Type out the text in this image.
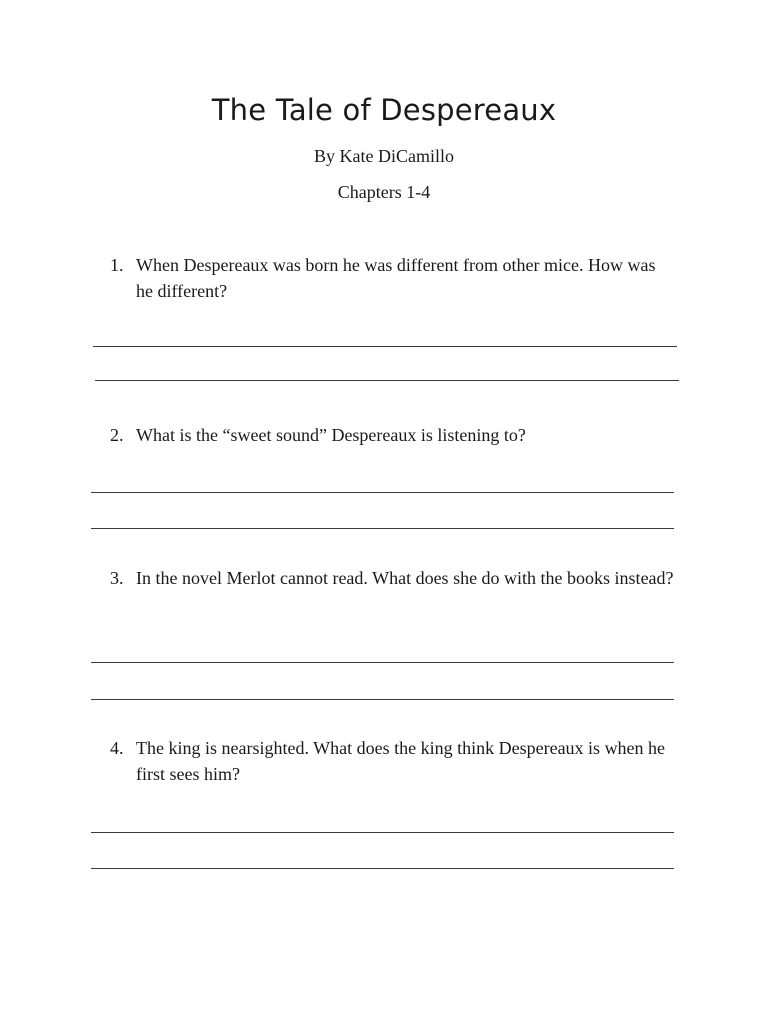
The Tale of Despereaux
By Kate DiCamillo
Chapters 1-4
1. When Despereaux was born he was different from other mice. How was he different?
2. What is the “sweet sound” Despereaux is listening to?
3. In the novel Merlot cannot read. What does she do with the books instead?
4. The king is nearsighted. What does the king think Despereaux is when he first sees him?
